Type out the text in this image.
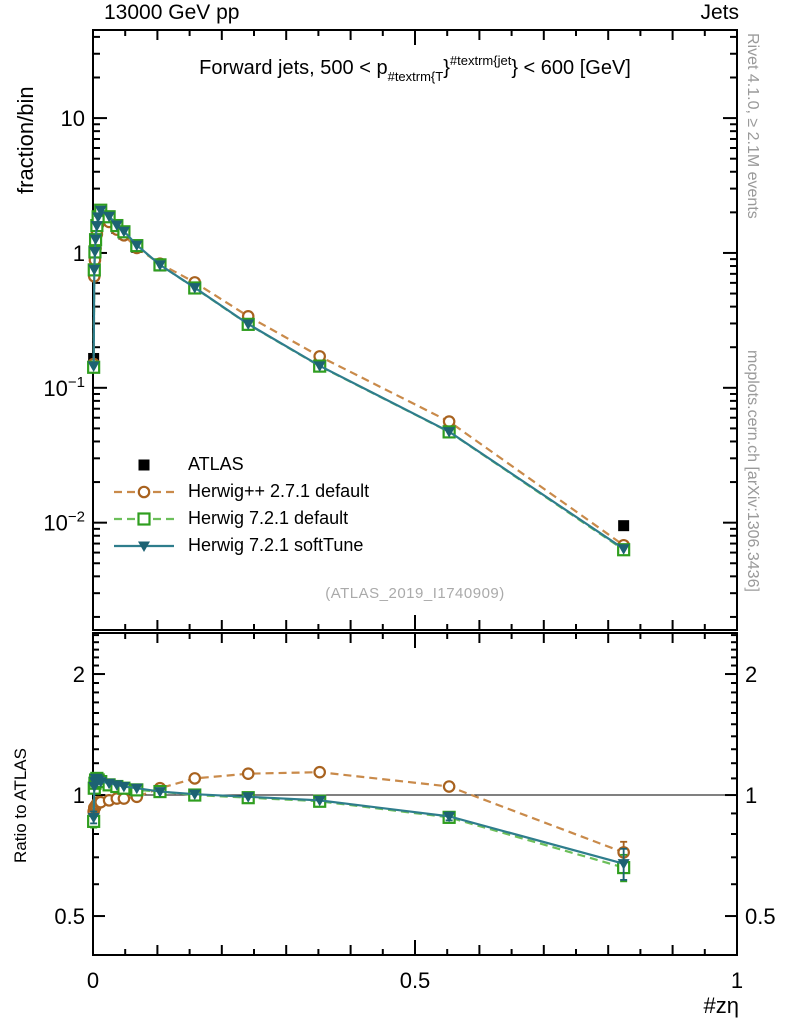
10
1
$10^{-1}$
$10^{-2}$
2	2
1	1
0.5	0.5
0	0.5	1
13000 GeV pp	Jets
Forward jets, $500 < p_{\#textrm\{T}\}^{\#textrm\{jet}\} < 600$ [GeV]
fraction/bin
Ratio to ATLAS
#zη
ATLAS
Herwig++ 2.7.1 default
Herwig 7.2.1 default
Herwig 7.2.1 softTune
(ATLAS_2019_I1740909)
Rivet 4.1.0, ≥ 2.1M events
mcplots.cern.ch [arXiv:1306.3436]
